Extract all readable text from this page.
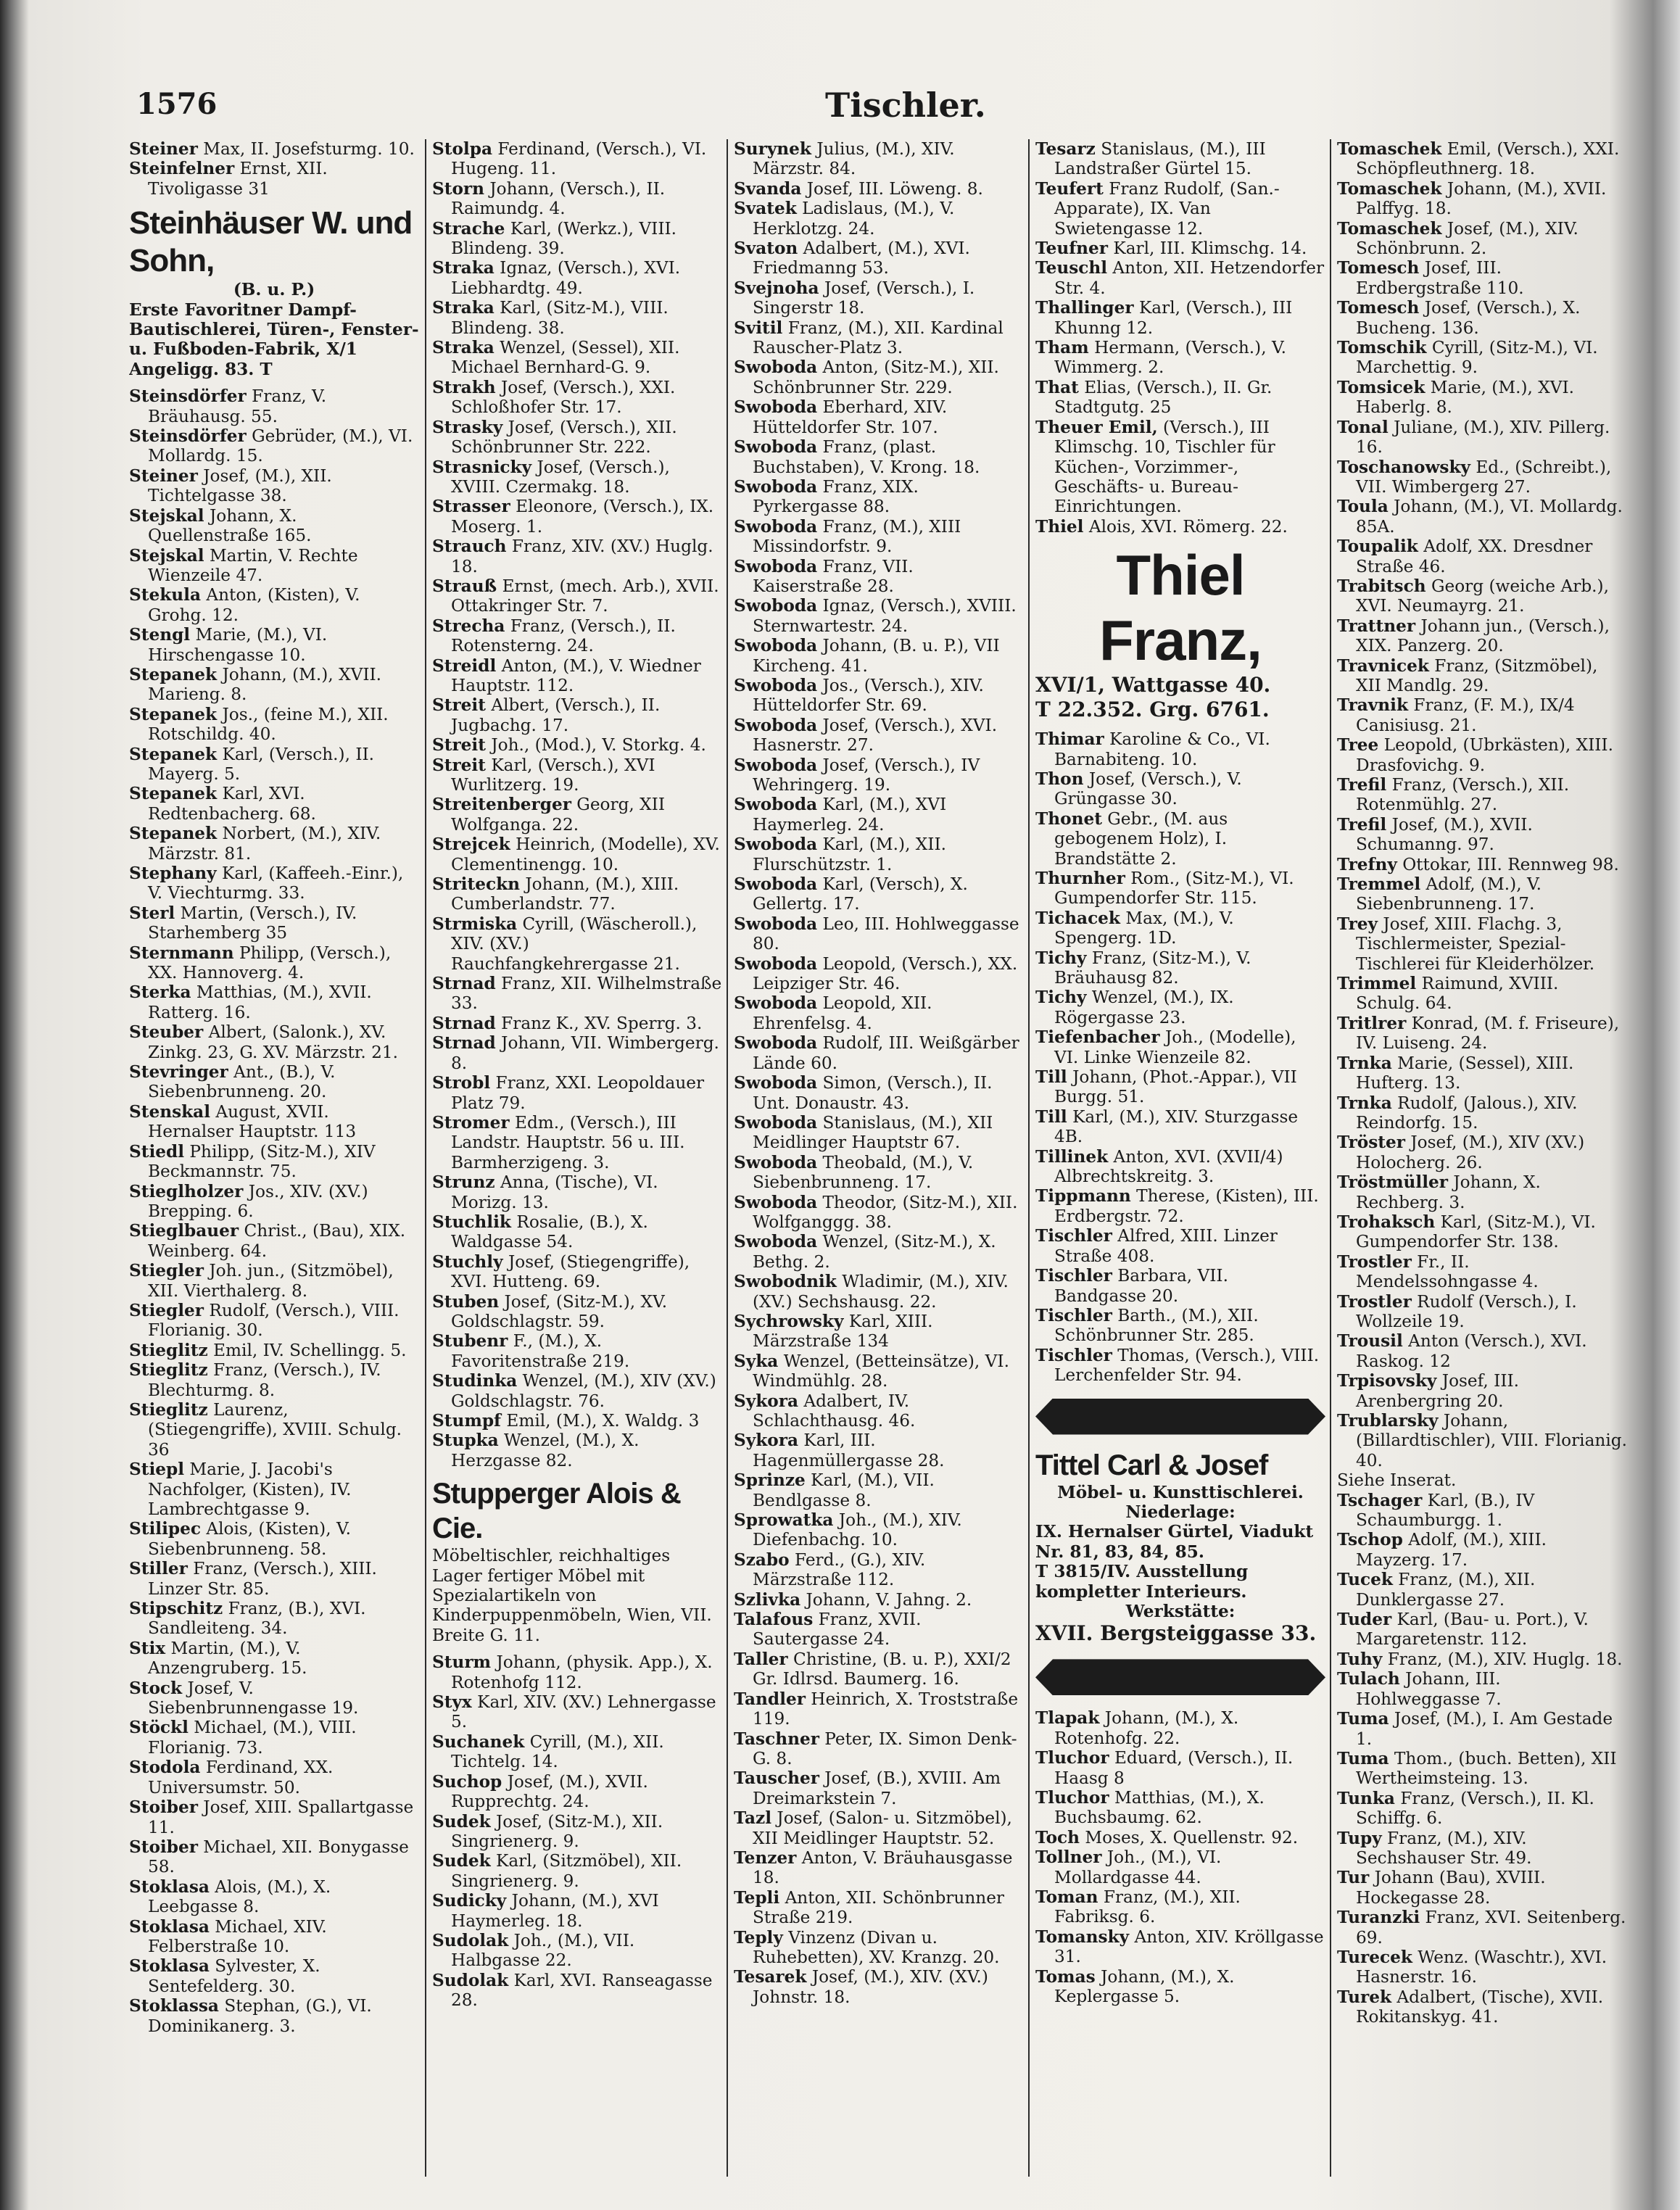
1576	Tischler.

Steiner Max, II. Josefsturmg. 10.

Steinfelner Ernst, XII. Tivoligasse 31

Steinhäuser W. und Sohn,
(B. u. P.)
Erste Favoritner Dampf-Bautischlerei, Türen-, Fenster- u. Fußboden-Fabrik, X/1 Angeligg. 83. T

Steinsdörfer Franz, V. Bräuhausg. 55.

Steinsdörfer Gebrüder, (M.), VI. Mollardg. 15.

Steiner Josef, (M.), XII. Tichtelgasse 38.

Stejskal Johann, X. Quellenstraße 165.

Stejskal Martin, V. Rechte Wienzeile 47.

Stekula Anton, (Kisten), V. Grohg. 12.

Stengl Marie, (M.), VI. Hirschengasse 10.

Stepanek Johann, (M.), XVII. Marieng. 8.

Stepanek Jos., (feine M.), XII. Rotschildg. 40.

Stepanek Karl, (Versch.), II. Mayerg. 5.

Stepanek Karl, XVI. Redtenbacherg. 68.

Stepanek Norbert, (M.), XIV. Märzstr. 81.

Stephany Karl, (Kaffeeh.-Einr.), V. Viechturmg. 33.

Sterl Martin, (Versch.), IV. Starhemberg 35

Sternmann Philipp, (Versch.), XX. Hannoverg. 4.

Sterka Matthias, (M.), XVII. Ratterg. 16.

Steuber Albert, (Salonk.), XV. Zinkg. 23, G. XV. Märzstr. 21.

Stevringer Ant., (B.), V. Siebenbrunneng. 20.

Stenskal August, XVII. Hernalser Hauptstr. 113

Stiedl Philipp, (Sitz-M.), XIV Beckmannstr. 75.

Stieglholzer Jos., XIV. (XV.) Brepping. 6.

Stieglbauer Christ., (Bau), XIX. Weinberg. 64.

Stiegler Joh. jun., (Sitzmöbel), XII. Vierthalerg. 8.

Stiegler Rudolf, (Versch.), VIII. Florianig. 30.

Stieglitz Emil, IV. Schellingg. 5.

Stieglitz Franz, (Versch.), IV. Blechturmg. 8.

Stieglitz Laurenz, (Stiegengriffe), XVIII. Schulg. 36

Stiepl Marie, J. Jacobi's Nachfolger, (Kisten), IV. Lambrechtgasse 9.

Stilipec Alois, (Kisten), V. Siebenbrunneng. 58.

Stiller Franz, (Versch.), XIII. Linzer Str. 85.

Stipschitz Franz, (B.), XVI. Sandleiteng. 34.

Stix Martin, (M.), V. Anzengruberg. 15.

Stock Josef, V. Siebenbrunnengasse 19.

Stöckl Michael, (M.), VIII. Florianig. 73.

Stodola Ferdinand, XX. Universumstr. 50.

Stoiber Josef, XIII. Spallartgasse 11.

Stoiber Michael, XII. Bonygasse 58.

Stoklasa Alois, (M.), X. Leebgasse 8.

Stoklasa Michael, XIV. Felberstraße 10.

Stoklasa Sylvester, X. Sentefelderg. 30.

Stoklassa Stephan, (G.), VI. Dominikanerg. 3.

Stolpa Ferdinand, (Versch.), VI. Hugeng. 11.

Storn Johann, (Versch.), II. Raimundg. 4.

Strache Karl, (Werkz.), VIII. Blindeng. 39.

Straka Ignaz, (Versch.), XVI. Liebhardtg. 49.

Straka Karl, (Sitz-M.), VIII. Blindeng. 38.

Straka Wenzel, (Sessel), XII. Michael Bernhard-G. 9.

Strakh Josef, (Versch.), XXI. Schloßhofer Str. 17.

Strasky Josef, (Versch.), XII. Schönbrunner Str. 222.

Strasnicky Josef, (Versch.), XVIII. Czermakg. 18.

Strasser Eleonore, (Versch.), IX. Moserg. 1.

Strauch Franz, XIV. (XV.) Huglg. 18.

Strauß Ernst, (mech. Arb.), XVII. Ottakringer Str. 7.

Strecha Franz, (Versch.), II. Rotensterng. 24.

Streidl Anton, (M.), V. Wiedner Hauptstr. 112.

Streit Albert, (Versch.), II. Jugbachg. 17.

Streit Joh., (Mod.), V. Storkg. 4.

Streit Karl, (Versch.), XVI Wurlitzerg. 19.

Streitenberger Georg, XII Wolfganga. 22.

Strejcek Heinrich, (Modelle), XV. Clementinengg. 10.

Striteckn Johann, (M.), XIII. Cumberlandstr. 77.

Strmiska Cyrill, (Wäscheroll.), XIV. (XV.) Rauchfangkehrergasse 21.

Strnad Franz, XII. Wilhelmstraße 33.

Strnad Franz K., XV. Sperrg. 3.

Strnad Johann, VII. Wimbergerg. 8.

Strobl Franz, XXI. Leopoldauer Platz 79.

Stromer Edm., (Versch.), III Landstr. Hauptstr. 56 u. III. Barmherzigeng. 3.

Strunz Anna, (Tische), VI. Morizg. 13.

Stuchlik Rosalie, (B.), X. Waldgasse 54.

Stuchly Josef, (Stiegengriffe), XVI. Hutteng. 69.

Stuben Josef, (Sitz-M.), XV. Goldschlagstr. 59.

Stubenr F., (M.), X. Favoritenstraße 219.

Studinka Wenzel, (M.), XIV (XV.) Goldschlagstr. 76.

Stumpf Emil, (M.), X. Waldg. 3

Stupka Wenzel, (M.), X. Herzgasse 82.

Stupperger Alois & Cie.
Möbeltischler, reichhaltiges Lager fertiger Möbel mit Spezialartikeln von Kinderpuppenmöbeln, Wien, VII. Breite G. 11.

Sturm Johann, (physik. App.), X. Rotenhofg 112.

Styx Karl, XIV. (XV.) Lehnergasse 5.

Suchanek Cyrill, (M.), XII. Tichtelg. 14.

Suchop Josef, (M.), XVII. Rupprechtg. 24.

Sudek Josef, (Sitz-M.), XII. Singrienerg. 9.

Sudek Karl, (Sitzmöbel), XII. Singrienerg. 9.

Sudicky Johann, (M.), XVI Haymerleg. 18.

Sudolak Joh., (M.), VII. Halbgasse 22.

Sudolak Karl, XVI. Ranseagasse 28.

Surynek Julius, (M.), XIV. Märzstr. 84.

Svanda Josef, III. Löweng. 8.

Svatek Ladislaus, (M.), V. Herklotzg. 24.

Svaton Adalbert, (M.), XVI. Friedmanng 53.

Svejnoha Josef, (Versch.), I. Singerstr 18.

Svitil Franz, (M.), XII. Kardinal Rauscher-Platz 3.

Swoboda Anton, (Sitz-M.), XII. Schönbrunner Str. 229.

Swoboda Eberhard, XIV. Hütteldorfer Str. 107.

Swoboda Franz, (plast. Buchstaben), V. Krong. 18.

Swoboda Franz, XIX. Pyrkergasse 88.

Swoboda Franz, (M.), XIII Missindorfstr. 9.

Swoboda Franz, VII. Kaiserstraße 28.

Swoboda Ignaz, (Versch.), XVIII. Sternwartestr. 24.

Swoboda Johann, (B. u. P.), VII Kircheng. 41.

Swoboda Jos., (Versch.), XIV. Hütteldorfer Str. 69.

Swoboda Josef, (Versch.), XVI. Hasnerstr. 27.

Swoboda Josef, (Versch.), IV Wehringerg. 19.

Swoboda Karl, (M.), XVI Haymerleg. 24.

Swoboda Karl, (M.), XII. Flurschützstr. 1.

Swoboda Karl, (Versch), X. Gellertg. 17.

Swoboda Leo, III. Hohlweggasse 80.

Swoboda Leopold, (Versch.), XX. Leipziger Str. 46.

Swoboda Leopold, XII. Ehrenfelsg. 4.

Swoboda Rudolf, III. Weißgärber Lände 60.

Swoboda Simon, (Versch.), II. Unt. Donaustr. 43.

Swoboda Stanislaus, (M.), XII Meidlinger Hauptstr 67.

Swoboda Theobald, (M.), V. Siebenbrunneng. 17.

Swoboda Theodor, (Sitz-M.), XII. Wolfganggg. 38.

Swoboda Wenzel, (Sitz-M.), X. Bethg. 2.

Swobodnik Wladimir, (M.), XIV. (XV.) Sechshausg. 22.

Sychrowsky Karl, XIII. Märzstraße 134

Syka Wenzel, (Betteinsätze), VI. Windmühlg. 28.

Sykora Adalbert, IV. Schlachthausg. 46.

Sykora Karl, III. Hagenmüllergasse 28.

Sprinze Karl, (M.), VII. Bendlgasse 8.

Sprowatka Joh., (M.), XIV. Diefenbachg. 10.

Szabo Ferd., (G.), XIV. Märzstraße 112.

Szlivka Johann, V. Jahng. 2.

Talafous Franz, XVII. Sautergasse 24.

Taller Christine, (B. u. P.), XXI/2 Gr. Idlrsd. Baumerg. 16.

Tandler Heinrich, X. Troststraße 119.

Taschner Peter, IX. Simon Denk-G. 8.

Tauscher Josef, (B.), XVIII. Am Dreimarkstein 7.

Tazl Josef, (Salon- u. Sitzmöbel), XII Meidlinger Hauptstr. 52.

Tenzer Anton, V. Bräuhausgasse 18.

Tepli Anton, XII. Schönbrunner Straße 219.

Teply Vinzenz (Divan u. Ruhebetten), XV. Kranzg. 20.

Tesarek Josef, (M.), XIV. (XV.) Johnstr. 18.

Tesarz Stanislaus, (M.), III Landstraßer Gürtel 15.

Teufert Franz Rudolf, (San.-Apparate), IX. Van Swietengasse 12.

Teufner Karl, III. Klimschg. 14.

Teuschl Anton, XII. Hetzendorfer Str. 4.

Thallinger Karl, (Versch.), III Khunng 12.

Tham Hermann, (Versch.), V. Wimmerg. 2.

That Elias, (Versch.), II. Gr. Stadtgutg. 25

Theuer Emil, (Versch.), III Klimschg. 10, Tischler für Küchen-, Vorzimmer-, Geschäfts- u. Bureau-Einrichtungen.

Thiel Alois, XVI. Römerg. 22.

Thiel Franz,
XVI/1, Wattgasse 40.
T 22.352. Grg. 6761.

Thimar Karoline & Co., VI. Barnabiteng. 10.

Thon Josef, (Versch.), V. Grüngasse 30.

Thonet Gebr., (M. aus gebogenem Holz), I. Brandstätte 2.

Thurnher Rom., (Sitz-M.), VI. Gumpendorfer Str. 115.

Tichacek Max, (M.), V. Spengerg. 1D.

Tichy Franz, (Sitz-M.), V. Bräuhausg 82.

Tichy Wenzel, (M.), IX. Rögergasse 23.

Tiefenbacher Joh., (Modelle), VI. Linke Wienzeile 82.

Till Johann, (Phot.-Appar.), VII Burgg. 51.

Till Karl, (M.), XIV. Sturzgasse 4B.

Tillinek Anton, XVI. (XVII/4) Albrechtskreitg. 3.

Tippmann Therese, (Kisten), III. Erdbergstr. 72.

Tischler Alfred, XIII. Linzer Straße 408.

Tischler Barbara, VII. Bandgasse 20.

Tischler Barth., (M.), XII. Schönbrunner Str. 285.

Tischler Thomas, (Versch.), VIII. Lerchenfelder Str. 94.

Tittel Carl & Josef
Möbel- u. Kunsttischlerei.
Niederlage:
IX. Hernalser Gürtel, Viadukt Nr. 81, 83, 84, 85.
T 3815/IV. Ausstellung kompletter Interieurs.
Werkstätte:
XVII. Bergsteiggasse 33.

Tlapak Johann, (M.), X. Rotenhofg. 22.

Tluchor Eduard, (Versch.), II. Haasg 8

Tluchor Matthias, (M.), X. Buchsbaumg. 62.

Toch Moses, X. Quellenstr. 92.

Tollner Joh., (M.), VI. Mollardgasse 44.

Toman Franz, (M.), XII. Fabriksg. 6.

Tomansky Anton, XIV. Kröllgasse 31.

Tomas Johann, (M.), X. Keplergasse 5.

Tomaschek Emil, (Versch.), XXI. Schöpfleuthnerg. 18.

Tomaschek Johann, (M.), XVII. Palffyg. 18.

Tomaschek Josef, (M.), XIV. Schönbrunn. 2.

Tomesch Josef, III. Erdbergstraße 110.

Tomesch Josef, (Versch.), X. Bucheng. 136.

Tomschik Cyrill, (Sitz-M.), VI. Marchettig. 9.

Tomsicek Marie, (M.), XVI. Haberlg. 8.

Tonal Juliane, (M.), XIV. Pillerg. 16.

Toschanowsky Ed., (Schreibt.), VII. Wimbergerg 27.

Toula Johann, (M.), VI. Mollardg. 85A.

Toupalik Adolf, XX. Dresdner Straße 46.

Trabitsch Georg (weiche Arb.), XVI. Neumayrg. 21.

Trattner Johann jun., (Versch.), XIX. Panzerg. 20.

Travnicek Franz, (Sitzmöbel), XII Mandlg. 29.

Travnik Franz, (F. M.), IX/4 Canisiusg. 21.

Tree Leopold, (Ubrkästen), XIII. Drasfovichg. 9.

Trefil Franz, (Versch.), XII. Rotenmühlg. 27.

Trefil Josef, (M.), XVII. Schumanng. 97.

Trefny Ottokar, III. Rennweg 98.

Tremmel Adolf, (M.), V. Siebenbrunneng. 17.

Trey Josef, XIII. Flachg. 3, Tischlermeister, Spezial-Tischlerei für Kleiderhölzer.

Trimmel Raimund, XVIII. Schulg. 64.

Tritlrer Konrad, (M. f. Friseure), IV. Luiseng. 24.

Trnka Marie, (Sessel), XIII. Hufterg. 13.

Trnka Rudolf, (Jalous.), XIV. Reindorfg. 15.

Tröster Josef, (M.), XIV (XV.) Holocherg. 26.

Tröstmüller Johann, X. Rechberg. 3.

Trohaksch Karl, (Sitz-M.), VI. Gumpendorfer Str. 138.

Trostler Fr., II. Mendelssohngasse 4.

Trostler Rudolf (Versch.), I. Wollzeile 19.

Trousil Anton (Versch.), XVI. Raskog. 12

Trpisovsky Josef, III. Arenbergring 20.

Trublarsky Johann, (Billardtischler), VIII. Florianig. 40.

Siehe Inserat.

Tschager Karl, (B.), IV Schaumburgg. 1.

Tschop Adolf, (M.), XIII. Mayzerg. 17.

Tucek Franz, (M.), XII. Dunklergasse 27.

Tuder Karl, (Bau- u. Port.), V. Margaretenstr. 112.

Tuhy Franz, (M.), XIV. Huglg. 18.

Tulach Johann, III. Hohlweggasse 7.

Tuma Josef, (M.), I. Am Gestade 1.

Tuma Thom., (buch. Betten), XII Wertheimsteing. 13.

Tunka Franz, (Versch.), II. Kl. Schiffg. 6.

Tupy Franz, (M.), XIV. Sechshauser Str. 49.

Tur Johann (Bau), XVIII. Hockegasse 28.

Turanzki Franz, XVI. Seitenberg. 69.

Turecek Wenz. (Waschtr.), XVI. Hasnerstr. 16.

Turek Adalbert, (Tische), XVII. Rokitanskyg. 41.
